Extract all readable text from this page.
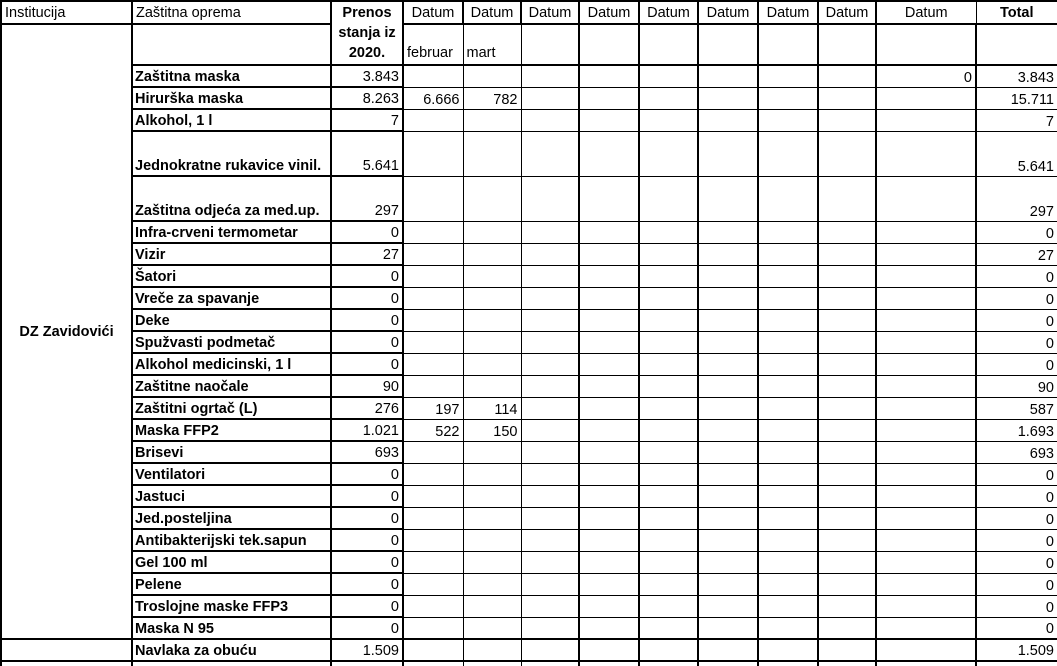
Institucija	Zaštitna oprema	Prenos stanja iz 2020.	Datum	Datum	Datum	Datum	Datum	Datum	Datum	Datum	Datum	Total
DZ Zavidovići			februar	mart								
	Zaštitna maska	3.843									0	3.843
	Hirurška maska	8.263	6.666	782								15.711
	Alkohol, 1 l	7										7
	Jednokratne rukavice vinil.	5.641										5.641
	Zaštitna odjeća za med.up.	297										297
	Infra-crveni termometar	0										0
	Vizir	27										27
	Šatori	0										0
	Vreče za spavanje	0										0
	Deke	0										0
	Spužvasti podmetač	0										0
	Alkohol medicinski, 1 l	0										0
	Zaštitne naočale	90										90
	Zaštitni ogrtač (L)	276	197	114								587
	Maska FFP2	1.021	522	150								1.693
	Brisevi	693										693
	Ventilatori	0										0
	Jastuci	0										0
	Jed.posteljina	0										0
	Antibakterijski tek.sapun	0										0
	Gel 100 ml	0										0
	Pelene	0										0
	Troslojne maske FFP3	0										0
	Maska N 95	0										0
	Navlaka za obuću	1.509										1.509
